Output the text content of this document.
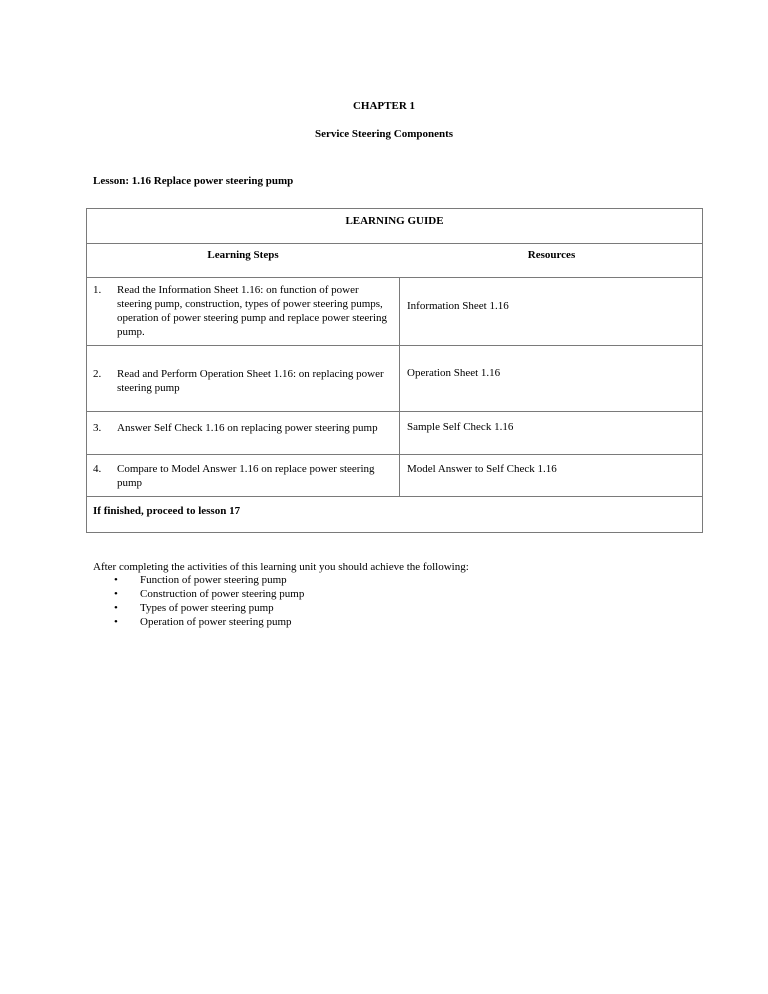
CHAPTER 1
Service Steering Components
Lesson: 1.16 Replace power steering pump
LEARNING GUIDE
Learning Steps	Resources
1. Read the Information Sheet 1.16: on function of power steering pump, construction, types of power steering pumps, operation of power steering pump and replace power steering pump.
Information Sheet 1.16
2. Read and Perform Operation Sheet 1.16: on replacing power steering pump
Operation Sheet 1.16
3. Answer Self Check 1.16 on replacing power steering pump	Sample Self Check 1.16
4. Compare to Model Answer 1.16 on replace power steering pump
Model Answer to Self Check 1.16
If finished, proceed to lesson 17
After completing the activities of this learning unit you should achieve the following:
• Function of power steering pump
• Construction of power steering pump
• Types of power steering pump
• Operation of power steering pump
